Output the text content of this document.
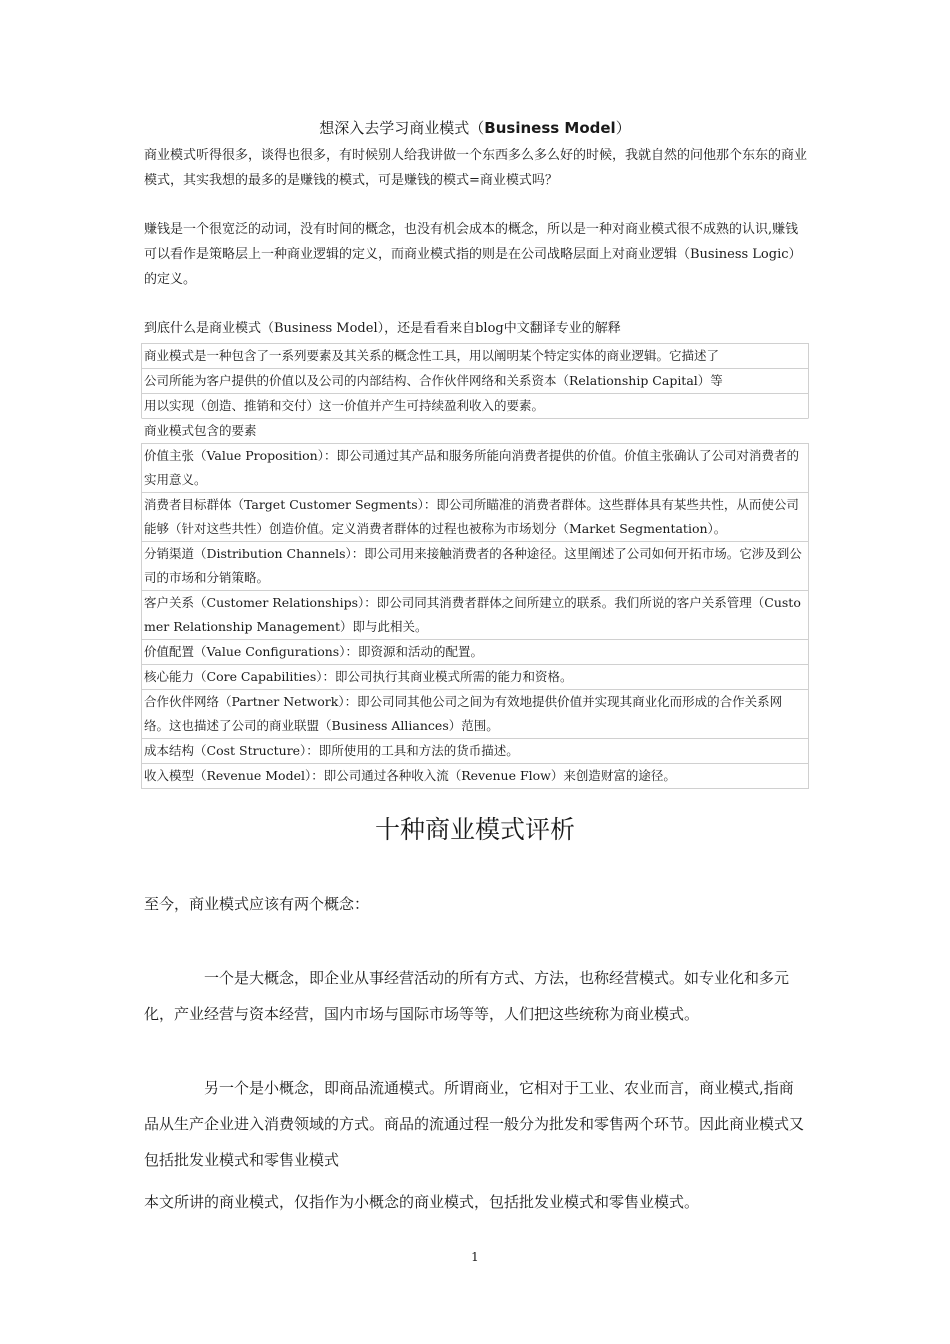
想深入去学习商业模式（Business Model）

商业模式听得很多，谈得也很多，有时候别人给我讲做一个东西多么多么好的时候，我就自然的问他那个东东的商业模式，其实我想的最多的是赚钱的模式，可是赚钱的模式=商业模式吗？

赚钱是一个很宽泛的动词，没有时间的概念，也没有机会成本的概念，所以是一种对商业模式很不成熟的认识,赚钱可以看作是策略层上一种商业逻辑的定义，而商业模式指的则是在公司战略层面上对商业逻辑（Business Logic）的定义。

到底什么是商业模式（Business Model），还是看看来自blog中文翻译专业的解释

商业模式是一种包含了一系列要素及其关系的概念性工具，用以阐明某个特定实体的商业逻辑。它描述了
公司所能为客户提供的价值以及公司的内部结构、合作伙伴网络和关系资本（Relationship Capital）等
用以实现（创造、推销和交付）这一价值并产生可持续盈利收入的要素。
商业模式包含的要素
价值主张（Value Proposition）：即公司通过其产品和服务所能向消费者提供的价值。价值主张确认了公司对消费者的实用意义。
消费者目标群体（Target Customer Segments）：即公司所瞄准的消费者群体。这些群体具有某些共性，从而使公司能够（针对这些共性）创造价值。定义消费者群体的过程也被称为市场划分（Market Segmentation）。
分销渠道（Distribution Channels）：即公司用来接触消费者的各种途径。这里阐述了公司如何开拓市场。它涉及到公司的市场和分销策略。
客户关系（Customer Relationships）：即公司同其消费者群体之间所建立的联系。我们所说的客户关系管理（Customer Relationship Management）即与此相关。
价值配置（Value Configurations）：即资源和活动的配置。
核心能力（Core Capabilities）：即公司执行其商业模式所需的能力和资格。
合作伙伴网络（Partner Network）：即公司同其他公司之间为有效地提供价值并实现其商业化而形成的合作关系网络。这也描述了公司的商业联盟（Business Alliances）范围。
成本结构（Cost Structure）：即所使用的工具和方法的货币描述。
收入模型（Revenue Model）：即公司通过各种收入流（Revenue Flow）来创造财富的途径。
十种商业模式评析

至今，商业模式应该有两个概念：

一个是大概念，即企业从事经营活动的所有方式、方法，也称经营模式。如专业化和多元化，产业经营与资本经营，国内市场与国际市场等等，人们把这些统称为商业模式。

另一个是小概念，即商品流通模式。所谓商业，它相对于工业、农业而言，商业模式,指商品从生产企业进入消费领域的方式。商品的流通过程一般分为批发和零售两个环节。因此商业模式又包括批发业模式和零售业模式

本文所讲的商业模式，仅指作为小概念的商业模式，包括批发业模式和零售业模式。

1
